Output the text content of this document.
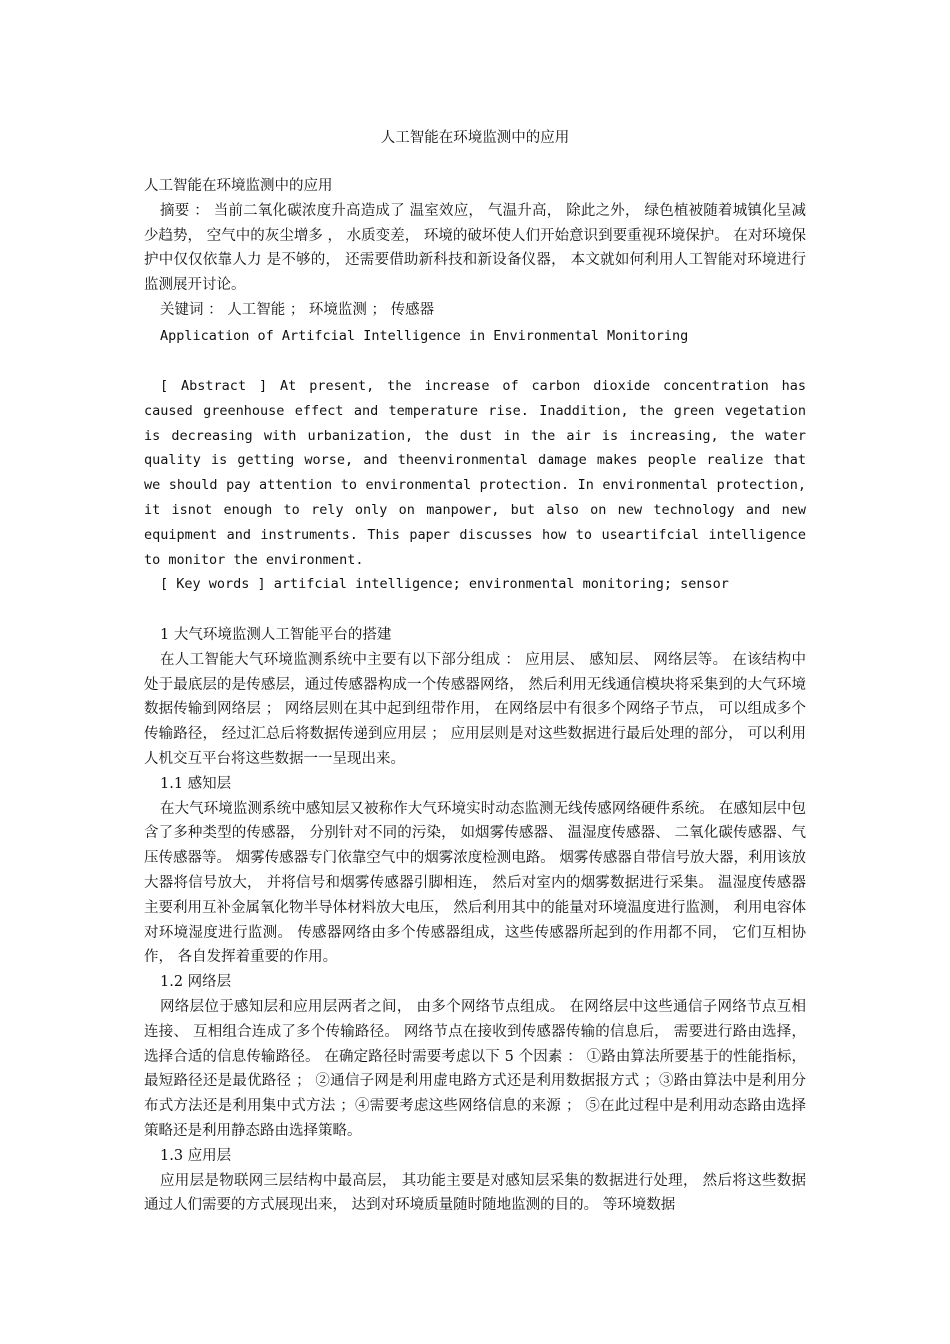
人工智能在环境监测中的应用

人工智能在环境监测中的应用

摘要 ： 当前二氧化碳浓度升高造成了 温室效应， 气温升高， 除此之外， 绿色植被随着城镇化呈减少趋势， 空气中的灰尘增多 ， 水质变差， 环境的破坏使人们开始意识到要重视环境保护。 在对环境保护中仅仅依靠人力 是不够的， 还需要借助新科技和新设备仪器， 本文就如何利用人工智能对环境进行监测展开讨论。

关键词 ： 人工智能 ； 环境监测 ； 传感器

Application of Artifcial Intelligence in Environmental Monitoring

[ Abstract ] At present, the increase of carbon dioxide concentration has caused greenhouse effect and temperature rise. Inaddition, the green vegetation is decreasing with urbanization, the dust in the air is increasing, the water quality is getting worse, and theenvironmental damage makes people realize that we should pay attention to environmental protection. In environmental protection, it isnot enough to rely only on manpower, but also on new technology and new equipment and instruments. This paper discusses how to useartifcial intelligence to monitor the environment.

[ Key words ] artifcial intelligence; environmental monitoring; sensor

1 大气环境监测人工智能平台的搭建

在人工智能大气环境监测系统中主要有以下部分组成 ： 应用层、 感知层、 网络层等。 在该结构中处于最底层的是传感层，通过传感器构成一个传感器网络， 然后利用无线通信模块将采集到的大气环境数据传输到网络层 ； 网络层则在其中起到纽带作用， 在网络层中有很多个网络子节点， 可以组成多个传输路径， 经过汇总后将数据传递到应用层 ； 应用层则是对这些数据进行最后处理的部分， 可以利用人机交互平台将这些数据一一呈现出来。

1.1 感知层

在大气环境监测系统中感知层又被称作大气环境实时动态监测无线传感网络硬件系统。 在感知层中包含了多种类型的传感器， 分别针对不同的污染， 如烟雾传感器、 温湿度传感器、 二氧化碳传感器、气压传感器等。 烟雾传感器专门依靠空气中的烟雾浓度检测电路。 烟雾传感器自带信号放大器，利用该放大器将信号放大， 并将信号和烟雾传感器引脚相连， 然后对室内的烟雾数据进行采集。 温湿度传感器主要利用互补金属氧化物半导体材料放大电压， 然后利用其中的能量对环境温度进行监测， 利用电容体对环境湿度进行监测。 传感器网络由多个传感器组成，这些传感器所起到的作用都不同， 它们互相协作， 各自发挥着重要的作用。

1.2 网络层

网络层位于感知层和应用层两者之间， 由多个网络节点组成。 在网络层中这些通信子网络节点互相连接、 互相组合连成了多个传输路径。 网络节点在接收到传感器传输的信息后， 需要进行路由选择， 选择合适的信息传输路径。 在确定路径时需要考虑以下 5 个因素 ： ①路由算法所要基于的性能指标， 最短路径还是最优路径 ； ②通信子网是利用虚电路方式还是利用数据报方式 ；③路由算法中是利用分布式方法还是利用集中式方法 ；④需要考虑这些网络信息的来源 ； ⑤在此过程中是利用动态路由选择策略还是利用静态路由选择策略。

1.3 应用层

应用层是物联网三层结构中最高层， 其功能主要是对感知层采集的数据进行处理， 然后将这些数据通过人们需要的方式展现出来， 达到对环境质量随时随地监测的目的。 等环境数据
